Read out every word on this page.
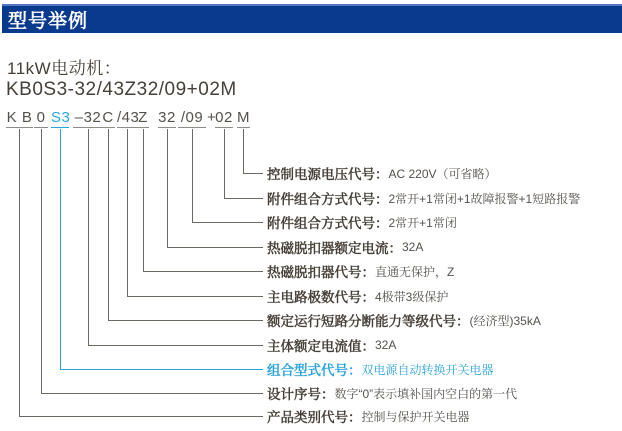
型号举例
11kW电动机：
KB0S3-32/43Z32/09+02M
K B 0 S3 –32 C /43
Z 32 /09 + 02 M
控制电源电压代号： AC 220V（可省略）
附件组合方式代号： 2常开+1常闭+1故障报警+1短路报警
附件组合方式代号： 2常开+1常闭
热磁脱扣器额定电流： 32A
热磁脱扣器代号： 直通无保护，Z
主电路极数代号： 4极带3级保护
额定运行短路分断能力等级代号： (经济型)35kA
主体额定电流值： 32A
组合型式代号： 双电源自动转换开关电器
设计序号： 数字“0”表示填补国内空白的第一代
产品类别代号： 控制与保护开关电器
